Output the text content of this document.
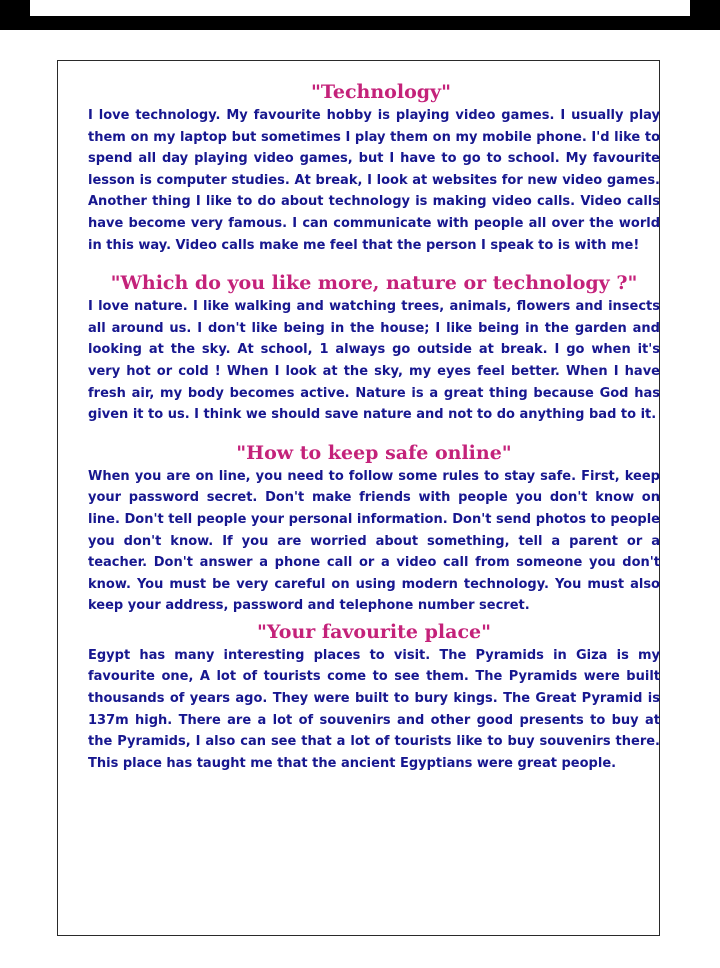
"Technology"

I love technology. My favourite hobby is playing video games. I usually play them on my laptop but sometimes I play them on my mobile phone. I'd like to spend all day playing video games, but I have to go to school. My favourite lesson is computer studies. At break, I look at websites for new video games. Another thing I like to do about technology is making video calls. Video calls have become very famous. I can communicate with people all over the world in this way. Video calls make me feel that the person I speak to is with me!

"Which do you like more, nature or technology ?"

I love nature. I like walking and watching trees, animals, flowers and insects all around us. I don't like being in the house; I like being in the garden and looking at the sky. At school, 1 always go outside at break. I go when it's very hot or cold ! When I look at the sky, my eyes feel better. When I have fresh air, my body becomes active. Nature is a great thing because God has given it to us. I think we should save nature and not to do anything bad to it.

"How to keep safe online"

When you are on line, you need to follow some rules to stay safe. First, keep your password secret. Don't make friends with people you don't know on line. Don't tell people your personal information. Don't send photos to people you don't know. If you are worried about something, tell a parent or a teacher. Don't answer a phone call or a video call from someone you don't know. You must be very careful on using modern technology. You must also keep your address, password and telephone number secret.

"Your favourite place"

Egypt has many interesting places to visit. The Pyramids in Giza is my favourite one, A lot of tourists come to see them. The Pyramids were built thousands of years ago. They were built to bury kings. The Great Pyramid is 137m high. There are a lot of souvenirs and other good presents to buy at the Pyramids, I also can see that a lot of tourists like to buy souvenirs there. This place has taught me that the ancient Egyptians were great people.
